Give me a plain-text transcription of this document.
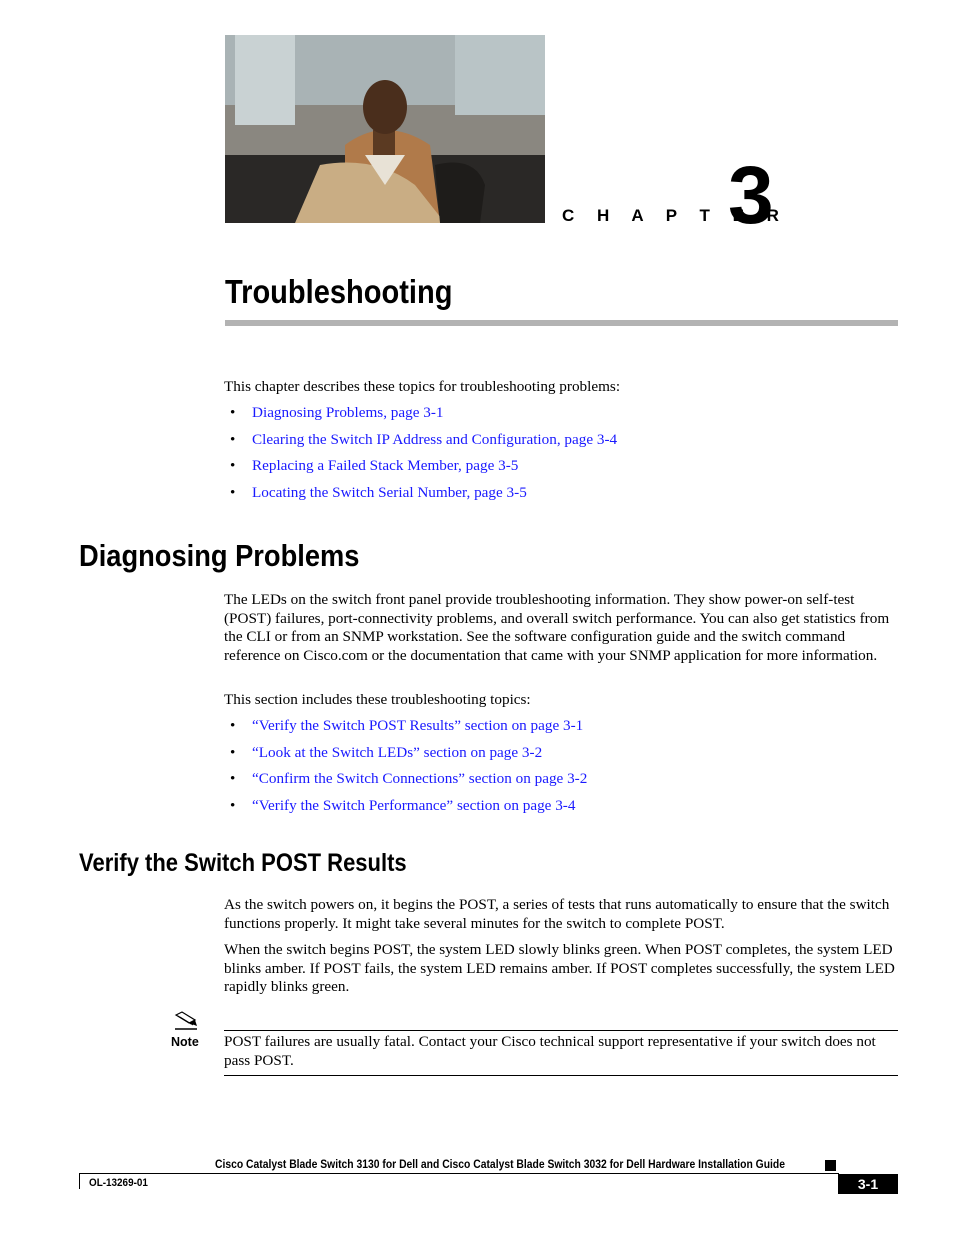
C H A P T E R
3
Troubleshooting

This chapter describes these topics for troubleshooting problems:

• Diagnosing Problems, page 3-1
• Clearing the Switch IP Address and Configuration, page 3-4
• Replacing a Failed Stack Member, page 3-5
• Locating the Switch Serial Number, page 3-5
Diagnosing Problems

The LEDs on the switch front panel provide troubleshooting information. They show power-on self-test (POST) failures, port-connectivity problems, and overall switch performance. You can also get statistics from the CLI or from an SNMP workstation. See the software configuration guide and the switch command reference on Cisco.com or the documentation that came with your SNMP application for more information.

This section includes these troubleshooting topics:

• “Verify the Switch POST Results” section on page 3-1
• “Look at the Switch LEDs” section on page 3-2
• “Confirm the Switch Connections” section on page 3-2
• “Verify the Switch Performance” section on page 3-4
Verify the Switch POST Results

As the switch powers on, it begins the POST, a series of tests that runs automatically to ensure that the switch functions properly. It might take several minutes for the switch to complete POST.

When the switch begins POST, the system LED slowly blinks green. When POST completes, the system LED blinks amber. If POST fails, the system LED remains amber. If POST completes successfully, the system LED rapidly blinks green.

Note POST failures are usually fatal. Contact your Cisco technical support representative if your switch does not pass POST.

Cisco Catalyst Blade Switch 3130 for Dell and Cisco Catalyst Blade Switch 3032 for Dell Hardware Installation Guide
OL-13269-01	3-1
